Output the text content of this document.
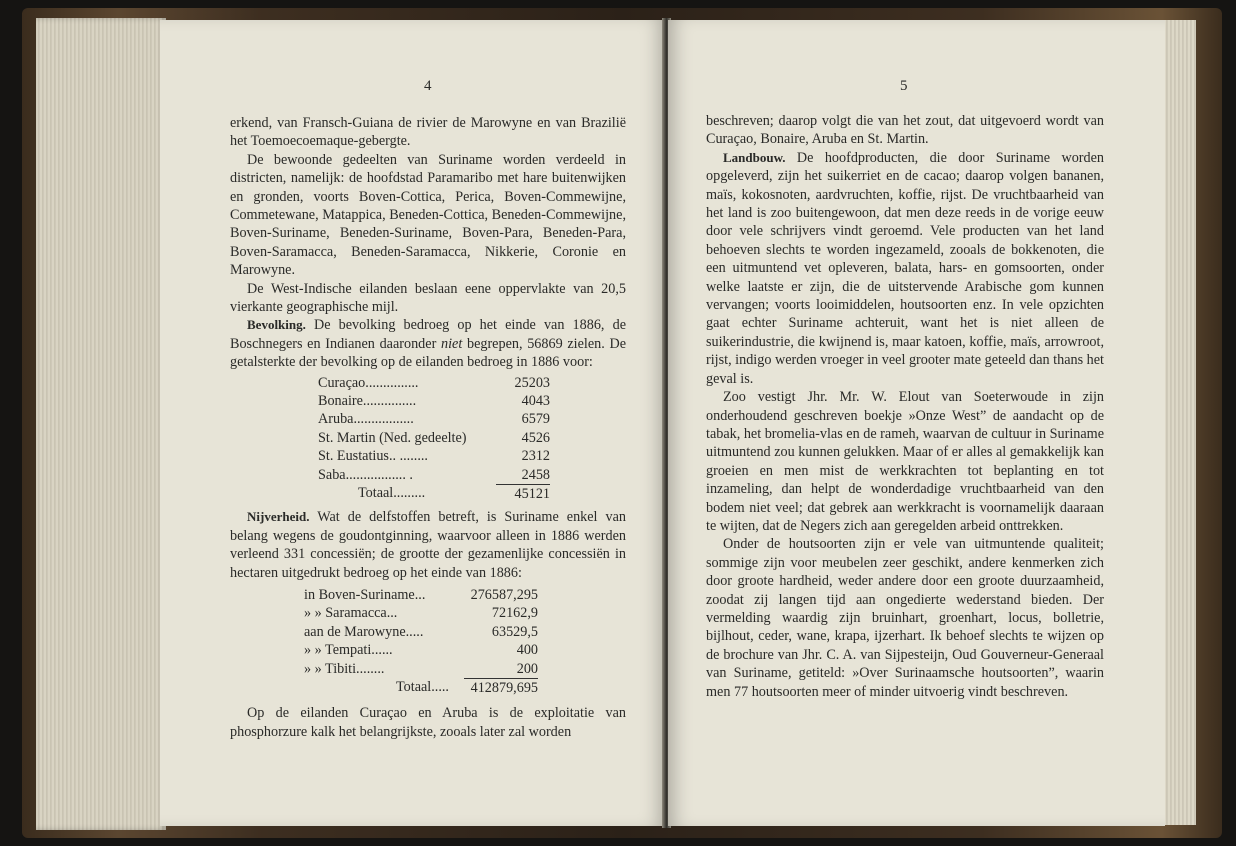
4

erkend, van Fransch-Guiana de rivier de Marowyne en van Brazilië het Toemoecoemaque-gebergte.

De bewoonde gedeelten van Suriname worden verdeeld in districten, namelijk: de hoofdstad Paramaribo met hare buitenwijken en gronden, voorts Boven-Cottica, Perica, Boven-Commewijne, Commetewane, Matappica, Beneden-Cottica, Beneden-Commewijne, Boven-Suriname, Beneden-Suriname, Boven-Para, Beneden-Para, Boven-Saramacca, Beneden-Saramacca, Nikkerie, Coronie en Marowyne.

De West-Indische eilanden beslaan eene oppervlakte van 20,5 vierkante geographische mijl.

Bevolking. De bevolking bedroeg op het einde van 1886, de Boschnegers en Indianen daaronder niet begrepen, 56869 zielen. De getalsterkte der bevolking op de eilanden bedroeg in 1886 voor:

Curaçao...............	25203
Bonaire...............	4043
Aruba.................	6579
St. Martin (Ned. gedeelte)	4526
St. Eustatius.. ........	2312
Saba................. .	2458
Totaal.........	45121

Nijverheid. Wat de delfstoffen betreft, is Suriname enkel van belang wegens de goudontginning, waarvoor alleen in 1886 werden verleend 331 concessiën; de grootte der gezamenlijke concessiën in hectaren uitgedrukt bedroeg op het einde van 1886:

in Boven-Suriname...	276587,295
» » Saramacca...	72162,9
aan de Marowyne.....	63529,5
» » Tempati......	400
» » Tibiti........	200
Totaal.....	412879,695

Op de eilanden Curaçao en Aruba is de exploitatie van phosphorzure kalk het belangrijkste, zooals later zal worden

5

beschreven; daarop volgt die van het zout, dat uitgevoerd wordt van Curaçao, Bonaire, Aruba en St. Martin.

Landbouw. De hoofdproducten, die door Suriname worden opgeleverd, zijn het suikerriet en de cacao; daarop volgen bananen, maïs, kokosnoten, aardvruchten, koffie, rijst. De vruchtbaarheid van het land is zoo buitengewoon, dat men deze reeds in de vorige eeuw door vele schrijvers vindt geroemd. Vele producten van het land behoeven slechts te worden ingezameld, zooals de bokkenoten, die een uitmuntend vet opleveren, balata, hars- en gomsoorten, onder welke laatste er zijn, die de uitstervende Arabische gom kunnen vervangen; voorts looimiddelen, houtsoorten enz. In vele opzichten gaat echter Suriname achteruit, want het is niet alleen de suikerindustrie, die kwijnend is, maar katoen, koffie, maïs, arrowroot, rijst, indigo werden vroeger in veel grooter mate geteeld dan thans het geval is.

Zoo vestigt Jhr. Mr. W. Elout van Soeterwoude in zijn onderhoudend geschreven boekje »Onze West” de aandacht op de tabak, het bromelia-vlas en de rameh, waarvan de cultuur in Suriname uitmuntend zou kunnen gelukken. Maar of er alles al gemakkelijk kan groeien en men mist de werkkrachten tot beplanting en tot inzameling, dan helpt de wonderdadige vruchtbaarheid van den bodem niet veel; dat gebrek aan werkkracht is voornamelijk daaraan te wijten, dat de Negers zich aan geregelden arbeid onttrekken.

Onder de houtsoorten zijn er vele van uitmuntende qualiteit; sommige zijn voor meubelen zeer geschikt, andere kenmerken zich door groote hardheid, weder andere door een groote duurzaamheid, zoodat zij langen tijd aan ongedierte wederstand bieden. Der vermelding waardig zijn bruinhart, groenhart, locus, bolletrie, bijlhout, ceder, wane, krapa, ijzerhart. Ik behoef slechts te wijzen op de brochure van Jhr. C. A. van Sijpesteijn, Oud Gouverneur-Generaal van Suriname, getiteld: »Over Surinaamsche houtsoorten”, waarin men 77 houtsoorten meer of minder uitvoerig vindt beschreven.
